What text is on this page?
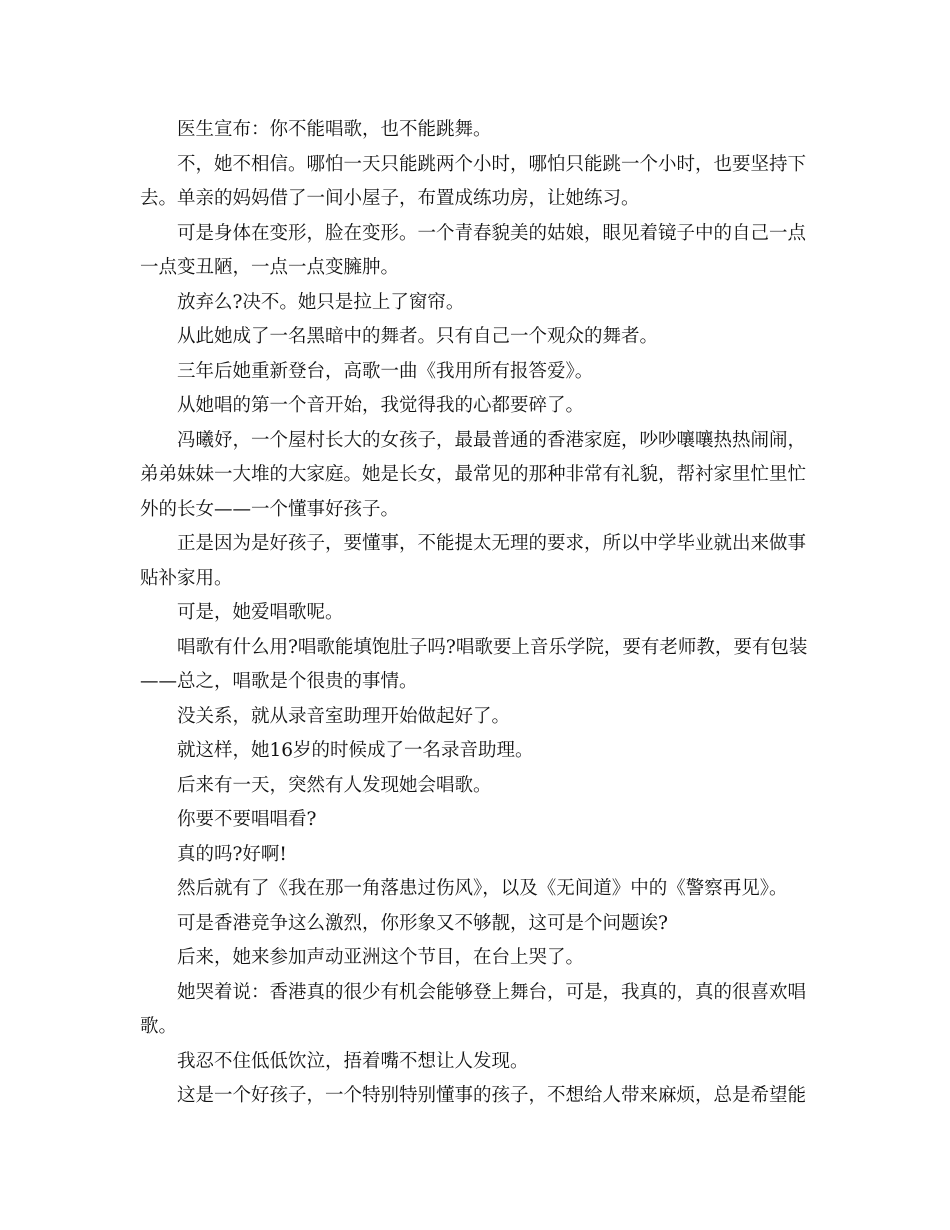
医生宣布：你不能唱歌，也不能跳舞。

不，她不相信。哪怕一天只能跳两个小时，哪怕只能跳一个小时，也要坚持下去。单亲的妈妈借了一间小屋子，布置成练功房，让她练习。

可是身体在变形，脸在变形。一个青春貌美的姑娘，眼见着镜子中的自己一点一点变丑陋，一点一点变臃肿。

放弃么?决不。她只是拉上了窗帘。

从此她成了一名黑暗中的舞者。只有自己一个观众的舞者。

三年后她重新登台，高歌一曲《我用所有报答爱》。

从她唱的第一个音开始，我觉得我的心都要碎了。

冯曦妤，一个屋村长大的女孩子，最最普通的香港家庭，吵吵嚷嚷热热闹闹，弟弟妹妹一大堆的大家庭。她是长女，最常见的那种非常有礼貌，帮衬家里忙里忙外的长女——一个懂事好孩子。

正是因为是好孩子，要懂事，不能提太无理的要求，所以中学毕业就出来做事贴补家用。

可是，她爱唱歌呢。

唱歌有什么用?唱歌能填饱肚子吗?唱歌要上音乐学院，要有老师教，要有包装——总之，唱歌是个很贵的事情。

没关系，就从录音室助理开始做起好了。

就这样，她16岁的时候成了一名录音助理。

后来有一天，突然有人发现她会唱歌。

你要不要唱唱看?

真的吗?好啊!

然后就有了《我在那一角落患过伤风》，以及《无间道》中的《警察再见》。

可是香港竞争这么激烈，你形象又不够靓，这可是个问题诶?

后来，她来参加声动亚洲这个节目，在台上哭了。

她哭着说：香港真的很少有机会能够登上舞台，可是，我真的，真的很喜欢唱歌。

我忍不住低低饮泣，捂着嘴不想让人发现。

这是一个好孩子，一个特别特别懂事的孩子，不想给人带来麻烦，总是希望能
